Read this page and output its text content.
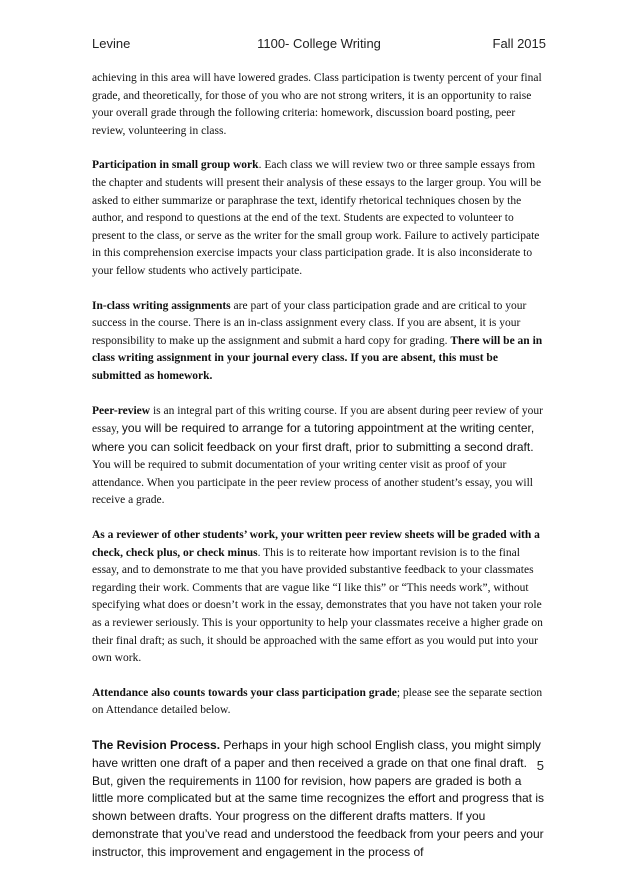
Levine	1100- College Writing	Fall 2015

achieving in this area will have lowered grades. Class participation is twenty percent of your final grade, and theoretically, for those of you who are not strong writers, it is an opportunity to raise your overall grade through the following criteria: homework, discussion board posting, peer review, volunteering in class.

Participation in small group work. Each class we will review two or three sample essays from the chapter and students will present their analysis of these essays to the larger group. You will be asked to either summarize or paraphrase the text, identify rhetorical techniques chosen by the author, and respond to questions at the end of the text. Students are expected to volunteer to present to the class, or serve as the writer for the small group work. Failure to actively participate in this comprehension exercise impacts your class participation grade. It is also inconsiderate to your fellow students who actively participate.

In-class writing assignments are part of your class participation grade and are critical to your success in the course. There is an in-class assignment every class. If you are absent, it is your responsibility to make up the assignment and submit a hard copy for grading. There will be an in class writing assignment in your journal every class. If you are absent, this must be submitted as homework.

Peer-review is an integral part of this writing course. If you are absent during peer review of your essay, you will be required to arrange for a tutoring appointment at the writing center, where you can solicit feedback on your first draft, prior to submitting a second draft. You will be required to submit documentation of your writing center visit as proof of your attendance. When you participate in the peer review process of another student’s essay, you will receive a grade.

As a reviewer of other students’ work, your written peer review sheets will be graded with a check, check plus, or check minus. This is to reiterate how important revision is to the final essay, and to demonstrate to me that you have provided substantive feedback to your classmates regarding their work. Comments that are vague like “I like this” or “This needs work”, without specifying what does or doesn’t work in the essay, demonstrates that you have not taken your role as a reviewer seriously. This is your opportunity to help your classmates receive a higher grade on their final draft; as such, it should be approached with the same effort as you would put into your own work.

Attendance also counts towards your class participation grade; please see the separate section on Attendance detailed below.

The Revision Process. Perhaps in your high school English class, you might simply have written one draft of a paper and then received a grade on that one final draft. But, given the requirements in 1100 for revision, how papers are graded is both a little more complicated but at the same time recognizes the effort and progress that is shown between drafts. Your progress on the different drafts matters. If you demonstrate that you’ve read and understood the feedback from your peers and your instructor, this improvement and engagement in the process of

5
